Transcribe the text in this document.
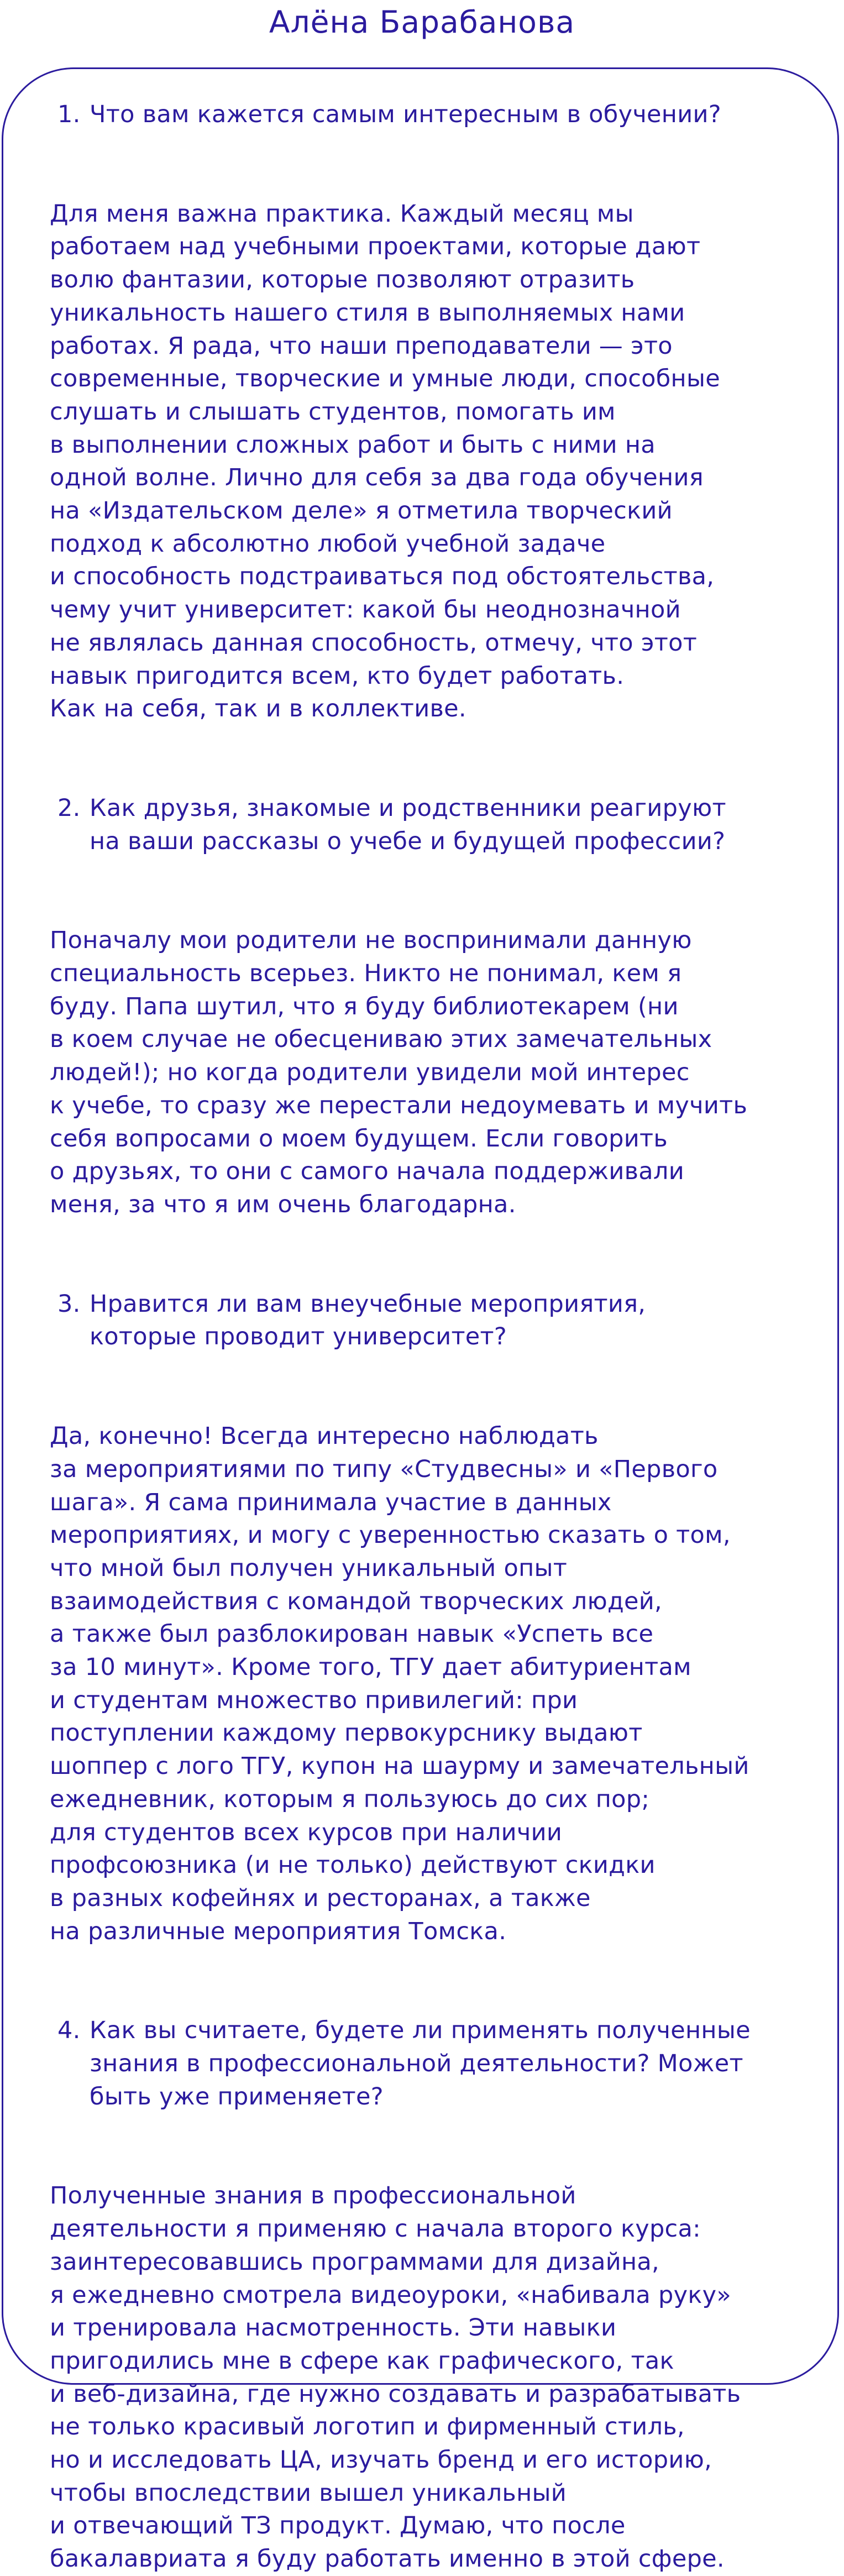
Алёна Барабанова
1. Что вам кажется самым интересным в обучении?
Для меня важна практика. Каждый месяц мы
работаем над учебными проектами, которые дают
волю фантазии, которые позволяют отразить
уникальность нашего стиля в выполняемых нами
работах. Я рада, что наши преподаватели — это
современные, творческие и умные люди, способные
слушать и слышать студентов, помогать им
в выполнении сложных работ и быть с ними на
одной волне. Лично для себя за два года обучения
на «Издательском деле» я отметила творческий
подход к абсолютно любой учебной задаче
и способность подстраиваться под обстоятельства,
чему учит университет: какой бы неоднозначной
не являлась данная способность, отмечу, что этот
навык пригодится всем, кто будет работать.
Как на себя, так и в коллективе.
2. Как друзья, знакомые и родственники реагируют
на ваши рассказы о учебе и будущей профессии?
Поначалу мои родители не воспринимали данную
специальность всерьез. Никто не понимал, кем я
буду. Папа шутил, что я буду библиотекарем (ни
в коем случае не обесцениваю этих замечательных
людей!); но когда родители увидели мой интерес
к учебе, то сразу же перестали недоумевать и мучить
себя вопросами о моем будущем. Если говорить
о друзьях, то они с самого начала поддерживали
меня, за что я им очень благодарна.
3. Нравится ли вам внеучебные мероприятия,
которые проводит университет?
Да, конечно! Всегда интересно наблюдать
за мероприятиями по типу «Студвесны» и «Первого
шага». Я сама принимала участие в данных
мероприятиях, и могу с уверенностью сказать о том,
что мной был получен уникальный опыт
взаимодействия с командой творческих людей,
а также был разблокирован навык «Успеть все
за 10 минут». Кроме того, ТГУ дает абитуриентам
и студентам множество привилегий: при
поступлении каждому первокурснику выдают
шоппер с лого ТГУ, купон на шаурму и замечательный
ежедневник, которым я пользуюсь до сих пор;
для студентов всех курсов при наличии
профсоюзника (и не только) действуют скидки
в разных кофейнях и ресторанах, а также
на различные мероприятия Томска.
4. Как вы считаете, будете ли применять полученные
знания в профессиональной деятельности? Может
быть уже применяете?
Полученные знания в профессиональной
деятельности я применяю с начала второго курса:
заинтересовавшись программами для дизайна,
я ежедневно смотрела видеоуроки, «набивала руку»
и тренировала насмотренность. Эти навыки
пригодились мне в сфере как графического, так
и веб-дизайна, где нужно создавать и разрабатывать
не только красивый логотип и фирменный стиль,
но и исследовать ЦА, изучать бренд и его историю,
чтобы впоследствии вышел уникальный
и отвечающий ТЗ продукт. Думаю, что после
бакалавриата я буду работать именно в этой сфере.
